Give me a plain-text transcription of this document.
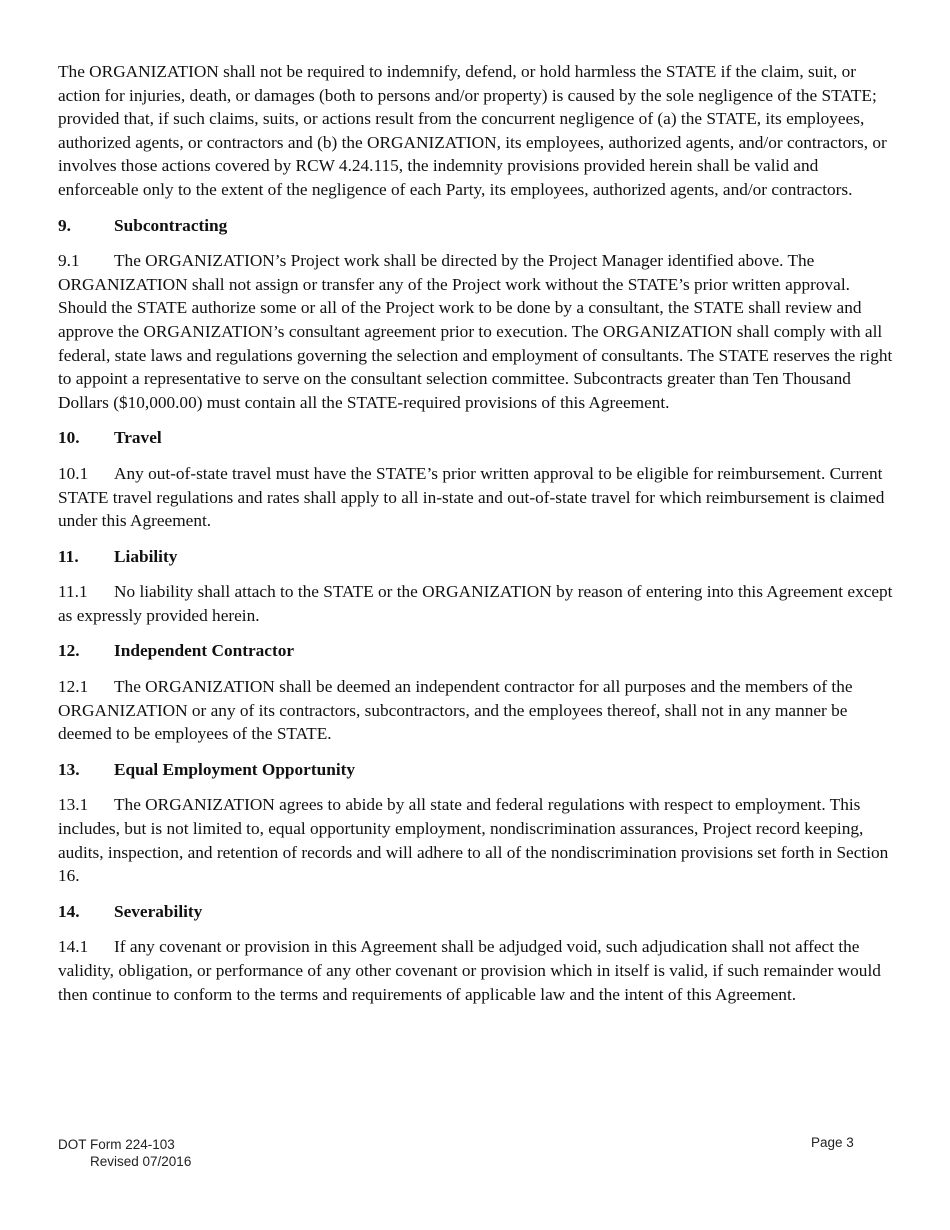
The ORGANIZATION shall not be required to indemnify, defend, or hold harmless the STATE if the claim, suit, or action for injuries, death, or damages (both to persons and/or property) is caused by the sole negligence of the STATE; provided that, if such claims, suits, or actions result from the concurrent negligence of (a) the STATE, its employees, authorized agents, or contractors and (b) the ORGANIZATION, its employees, authorized agents, and/or contractors, or involves those actions covered by RCW 4.24.115, the indemnity provisions provided herein shall be valid and enforceable only to the extent of the negligence of each Party, its employees, authorized agents, and/or contractors.

9.	Subcontracting

9.1 The ORGANIZATION’s Project work shall be directed by the Project Manager identified above. The ORGANIZATION shall not assign or transfer any of the Project work without the STATE’s prior written approval. Should the STATE authorize some or all of the Project work to be done by a consultant, the STATE shall review and approve the ORGANIZATION’s consultant agreement prior to execution. The ORGANIZATION shall comply with all federal, state laws and regulations governing the selection and employment of consultants. The STATE reserves the right to appoint a representative to serve on the consultant selection committee. Subcontracts greater than Ten Thousand Dollars ($10,000.00) must contain all the STATE-required provisions of this Agreement.

10.	Travel

10.1 Any out-of-state travel must have the STATE’s prior written approval to be eligible for reimbursement. Current STATE travel regulations and rates shall apply to all in-state and out-of-state travel for which reimbursement is claimed under this Agreement.

11.	Liability

11.1 No liability shall attach to the STATE or the ORGANIZATION by reason of entering into this Agreement except as expressly provided herein.

12.	Independent Contractor

12.1 The ORGANIZATION shall be deemed an independent contractor for all purposes and the members of the ORGANIZATION or any of its contractors, subcontractors, and the employees thereof, shall not in any manner be deemed to be employees of the STATE.

13.	Equal Employment Opportunity

13.1 The ORGANIZATION agrees to abide by all state and federal regulations with respect to employment. This includes, but is not limited to, equal opportunity employment, nondiscrimination assurances, Project record keeping, audits, inspection, and retention of records and will adhere to all of the nondiscrimination provisions set forth in Section 16.

14.	Severability

14.1 If any covenant or provision in this Agreement shall be adjudged void, such adjudication shall not affect the validity, obligation, or performance of any other covenant or provision which in itself is valid, if such remainder would then continue to conform to the terms and requirements of applicable law and the intent of this Agreement.

DOT Form 224-103
Revised 07/2016
Page 3
